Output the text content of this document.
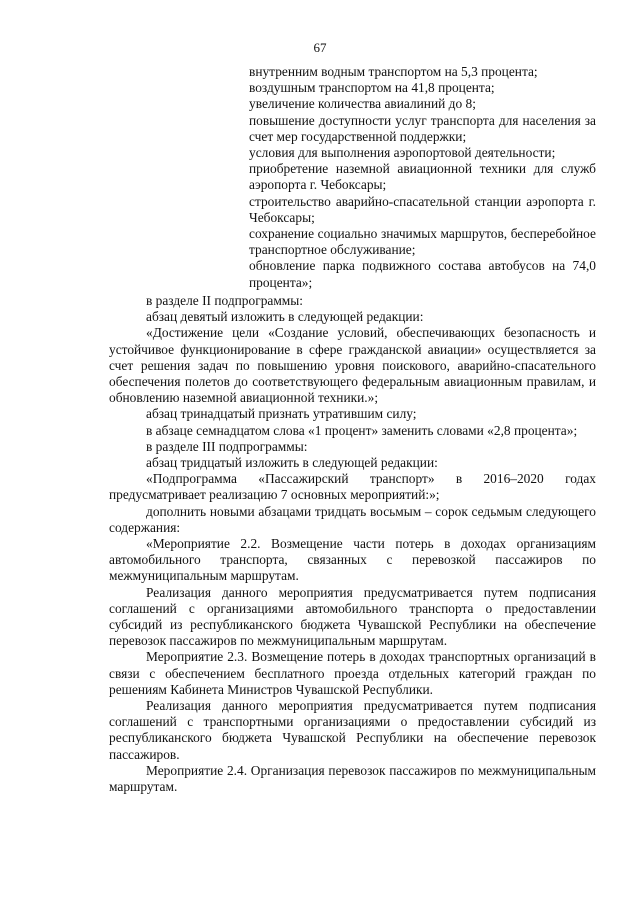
67

внутренним водным транспортом на 5,3 процента;

воздушным транспортом на 41,8 процента;

увеличение количества авиалиний до 8;

повышение доступности услуг транспорта для населения за счет мер государственной поддержки;

условия для выполнения аэропортовой деятельности;

приобретение наземной авиационной техники для служб аэропорта г. Чебоксары;

строительство аварийно-спасательной станции аэропорта г. Чебоксары;

сохранение социально значимых маршрутов, бесперебойное транспортное обслуживание;

обновление парка подвижного состава автобусов на 74,0 процента»;

в разделе II подпрограммы:

абзац девятый изложить в следующей редакции:

«Достижение цели «Создание условий, обеспечивающих безопасность и устойчивое функционирование в сфере гражданской авиации» осуществляется за счет решения задач по повышению уровня поискового, аварийно-спасательного обеспечения полетов до соответствующего федеральным авиационным правилам, и обновлению наземной авиационной техники.»;

абзац тринадцатый признать утратившим силу;

в абзаце семнадцатом слова «1 процент» заменить словами «2,8 процента»;

в разделе III подпрограммы:

абзац тридцатый изложить в следующей редакции:

«Подпрограмма «Пассажирский транспорт» в 2016–2020 годах предусматривает реализацию 7 основных мероприятий:»;

дополнить новыми абзацами тридцать восьмым – сорок седьмым следующего содержания:

«Мероприятие 2.2. Возмещение части потерь в доходах организациям автомобильного транспорта, связанных с перевозкой пассажиров по межмуниципальным маршрутам.

Реализация данного мероприятия предусматривается путем подписания соглашений с организациями автомобильного транспорта о предоставлении субсидий из республиканского бюджета Чувашской Республики на обеспечение перевозок пассажиров по межмуниципальным маршрутам.

Мероприятие 2.3. Возмещение потерь в доходах транспортных организаций в связи с обеспечением бесплатного проезда отдельных категорий граждан по решениям Кабинета Министров Чувашской Республики.

Реализация данного мероприятия предусматривается путем подписания соглашений с транспортными организациями о предоставлении субсидий из республиканского бюджета Чувашской Республики на обеспечение перевозок пассажиров.

Мероприятие 2.4. Организация перевозок пассажиров по межмуниципальным маршрутам.
